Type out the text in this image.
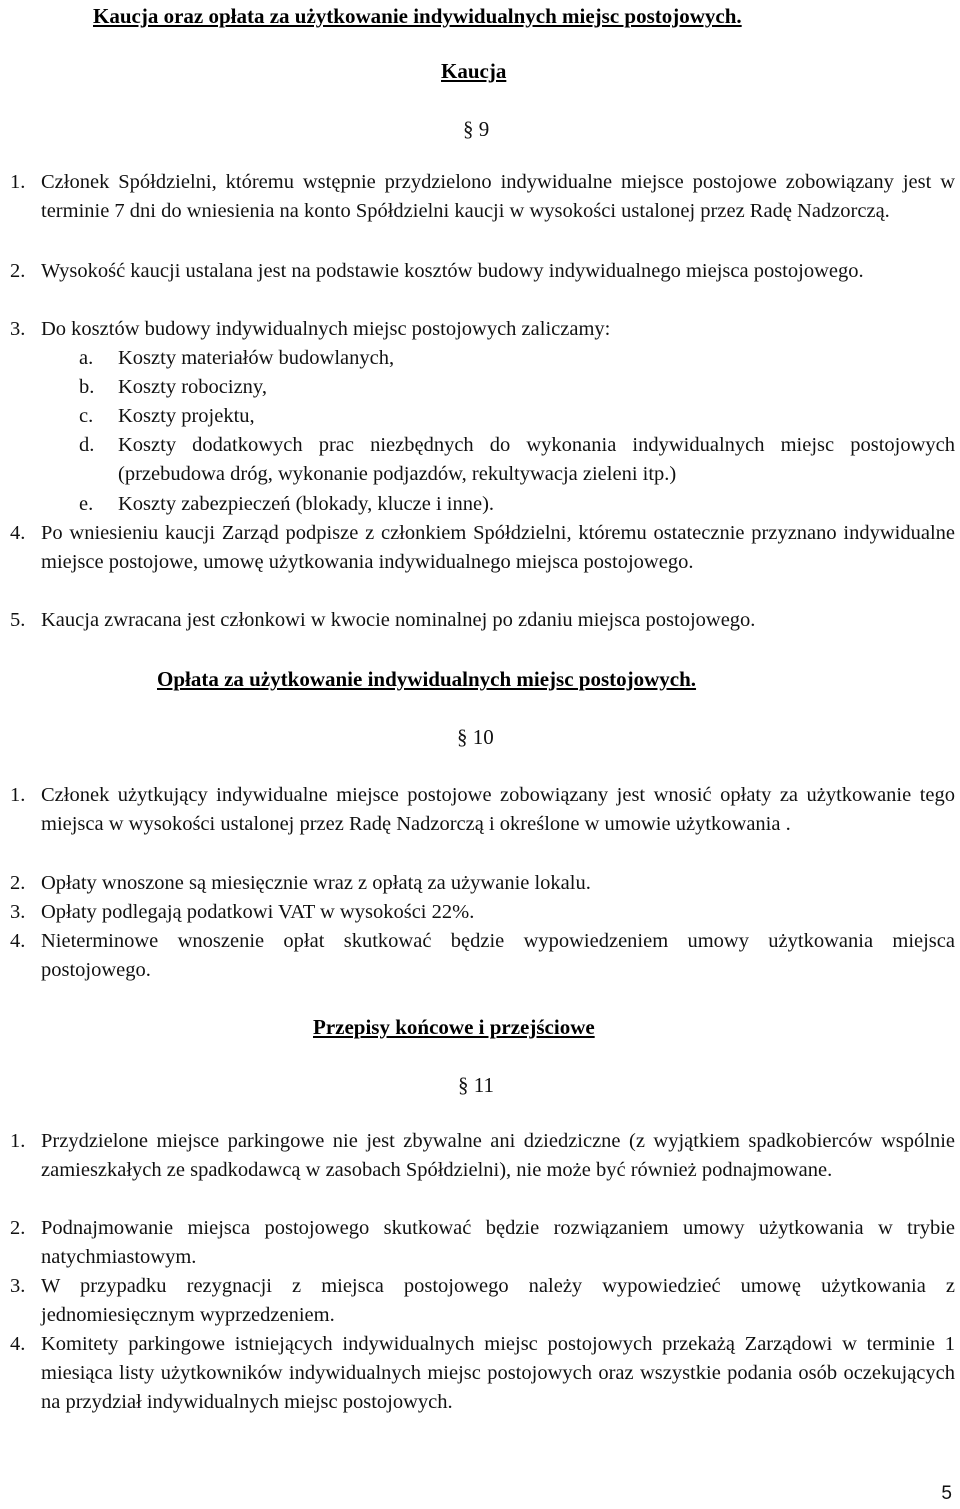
Kaucja oraz opłata za użytkowanie indywidualnych miejsc postojowych.
Kaucja
§ 9
1. Członek Spółdzielni, któremu wstępnie przydzielono indywidualne miejsce postojowe zobowiązany jest w terminie 7 dni do wniesienia na konto Spółdzielni kaucji w wysokości ustalonej przez Radę Nadzorczą.
2. Wysokość kaucji ustalana jest na podstawie kosztów budowy indywidualnego miejsca postojowego.
3. Do kosztów budowy indywidualnych miejsc postojowych zaliczamy:
a. Koszty materiałów budowlanych,
b. Koszty robocizny,
c. Koszty projektu,
d. Koszty dodatkowych prac niezbędnych do wykonania indywidualnych miejsc postojowych (przebudowa dróg, wykonanie podjazdów, rekultywacja zieleni itp.)
e. Koszty zabezpieczeń (blokady, klucze i inne).
4. Po wniesieniu kaucji Zarząd podpisze z członkiem Spółdzielni, któremu ostatecznie przyznano indywidualne miejsce postojowe, umowę użytkowania indywidualnego miejsca postojowego.
5. Kaucja zwracana jest członkowi w kwocie nominalnej po zdaniu miejsca postojowego.
Opłata za użytkowanie indywidualnych miejsc postojowych.
§ 10
1. Członek użytkujący indywidualne miejsce postojowe zobowiązany jest wnosić opłaty za użytkowanie tego miejsca w wysokości ustalonej przez Radę Nadzorczą i określone w umowie użytkowania .
2. Opłaty wnoszone są miesięcznie wraz z opłatą za używanie lokalu.
3. Opłaty podlegają podatkowi VAT w wysokości 22%.
4. Nieterminowe wnoszenie opłat skutkować będzie wypowiedzeniem umowy użytkowania miejsca postojowego.
Przepisy końcowe i przejściowe
§ 11
1. Przydzielone miejsce parkingowe nie jest zbywalne ani dziedziczne (z wyjątkiem spadkobierców wspólnie zamieszkałych ze spadkodawcą w zasobach Spółdzielni), nie może być również podnajmowane.
2. Podnajmowanie miejsca postojowego skutkować będzie rozwiązaniem umowy użytkowania w trybie natychmiastowym.
3. W przypadku rezygnacji z miejsca postojowego należy wypowiedzieć umowę użytkowania z jednomiesięcznym wyprzedzeniem.
4. Komitety parkingowe istniejących indywidualnych miejsc postojowych przekażą Zarządowi w terminie 1 miesiąca listy użytkowników indywidualnych miejsc postojowych oraz wszystkie podania osób oczekujących na przydział indywidualnych miejsc postojowych.
5
